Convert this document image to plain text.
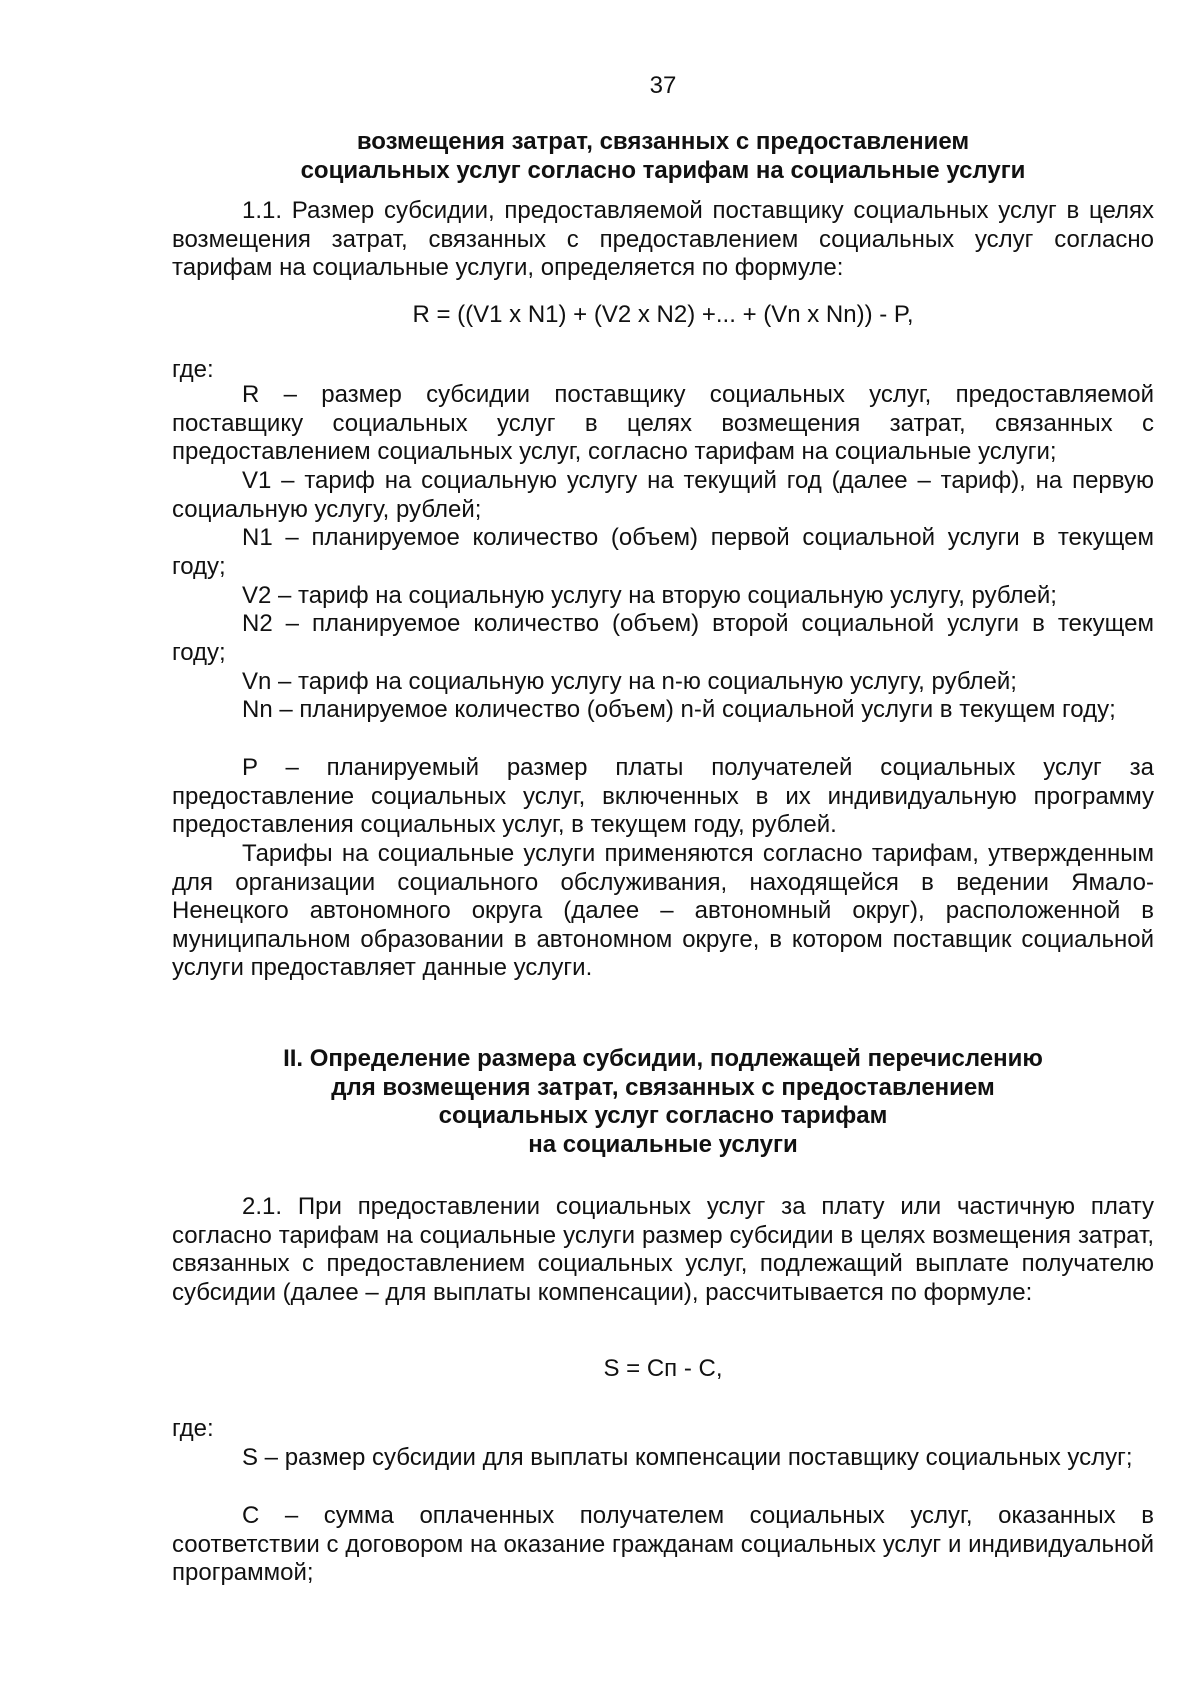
37
возмещения затрат, связанных с предоставлением
социальных услуг согласно тарифам на социальные услуги
1.1. Размер субсидии, предоставляемой поставщику социальных услуг в целях возмещения затрат, связанных с предоставлением социальных услуг согласно тарифам на социальные услуги, определяется по формуле:
R = ((V1 x N1) + (V2 x N2) +... + (Vn x Nn)) - P,
где:
R – размер субсидии поставщику социальных услуг, предоставляемой поставщику социальных услуг в целях возмещения затрат, связанных с предоставлением социальных услуг, согласно тарифам на социальные услуги;
V1 – тариф на социальную услугу на текущий год (далее – тариф), на первую социальную услугу, рублей;
N1 – планируемое количество (объем) первой социальной услуги в текущем году;
V2 – тариф на социальную услугу на вторую социальную услугу, рублей;
N2 – планируемое количество (объем) второй социальной услуги в текущем году;
Vn – тариф на социальную услугу на n-ю социальную услугу, рублей;
Nn – планируемое количество (объем) n-й социальной услуги в текущем году;
P – планируемый размер платы получателей социальных услуг за предоставление социальных услуг, включенных в их индивидуальную программу предоставления социальных услуг, в текущем году, рублей.
Тарифы на социальные услуги применяются согласно тарифам, утвержденным для организации социального обслуживания, находящейся в ведении Ямало-Ненецкого автономного округа (далее – автономный округ), расположенной в муниципальном образовании в автономном округе, в котором поставщик социальной услуги предоставляет данные услуги.
II. Определение размера субсидии, подлежащей перечислению
для возмещения затрат, связанных с предоставлением
социальных услуг согласно тарифам
на социальные услуги
2.1. При предоставлении социальных услуг за плату или частичную плату согласно тарифам на социальные услуги размер субсидии в целях возмещения затрат, связанных с предоставлением социальных услуг, подлежащий выплате получателю субсидии (далее – для выплаты компенсации), рассчитывается по формуле:
S = Сп - С,
где:
S – размер субсидии для выплаты компенсации поставщику социальных услуг;
С – сумма оплаченных получателем социальных услуг, оказанных в соответствии с договором на оказание гражданам социальных услуг и индивидуальной программой;
